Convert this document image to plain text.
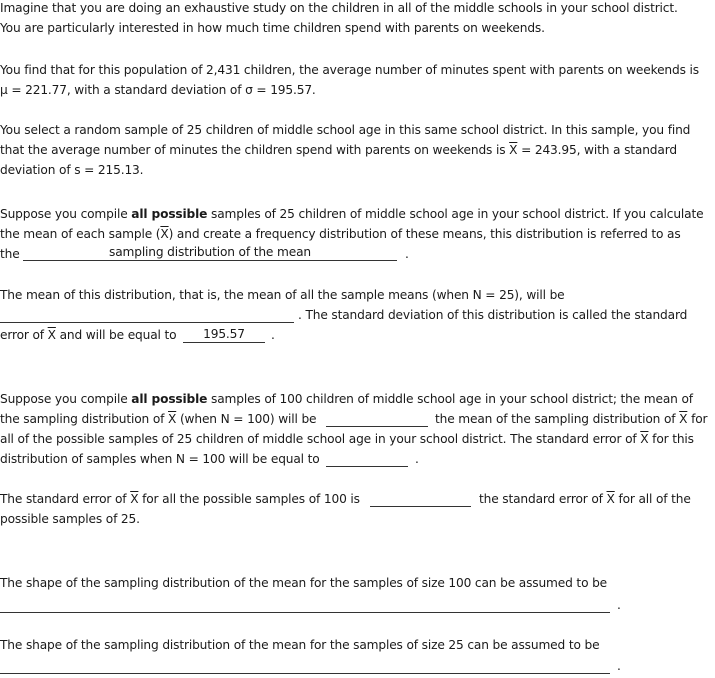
Imagine that you are doing an exhaustive study on the children in all of the middle schools in your school district.
You are particularly interested in how much time children spend with parents on weekends.
You find that for this population of 2,431 children, the average number of minutes spent with parents on weekends is
μ = 221.77, with a standard deviation of σ = 195.57.
You select a random sample of 25 children of middle school age in this same school district. In this sample, you find
that the average number of minutes the children spend with parents on weekends is $\overline{X} = 243.95$, with a standard
deviation of s = 215.13.
Suppose you compile all possible samples of 25 children of middle school age in your school district. If you calculate
the mean of each sample $(\overline{X})$ and create a frequency distribution of these means, this distribution is referred to as
the	sampling distribution of the mean	.
The mean of this distribution, that is, the mean of all the sample means (when N = 25), will be
. The standard deviation of this distribution is called the standard
error of $\overline{X}$ and will be equal to	195.57	.
Suppose you compile all possible samples of 100 children of middle school age in your school district; the mean of
the sampling distribution of $\overline{X}$ (when N = 100) will be	the mean of the sampling distribution of $\overline{X}$ for
all of the possible samples of 25 children of middle school age in your school district. The standard error of $\overline{X}$ for this
distribution of samples when N = 100 will be equal to	.
The standard error of $\overline{X}$ for all the possible samples of 100 is	the standard error of $\overline{X}$ for all of the
possible samples of 25.
The shape of the sampling distribution of the mean for the samples of size 100 can be assumed to be
.
The shape of the sampling distribution of the mean for the samples of size 25 can be assumed to be
.
